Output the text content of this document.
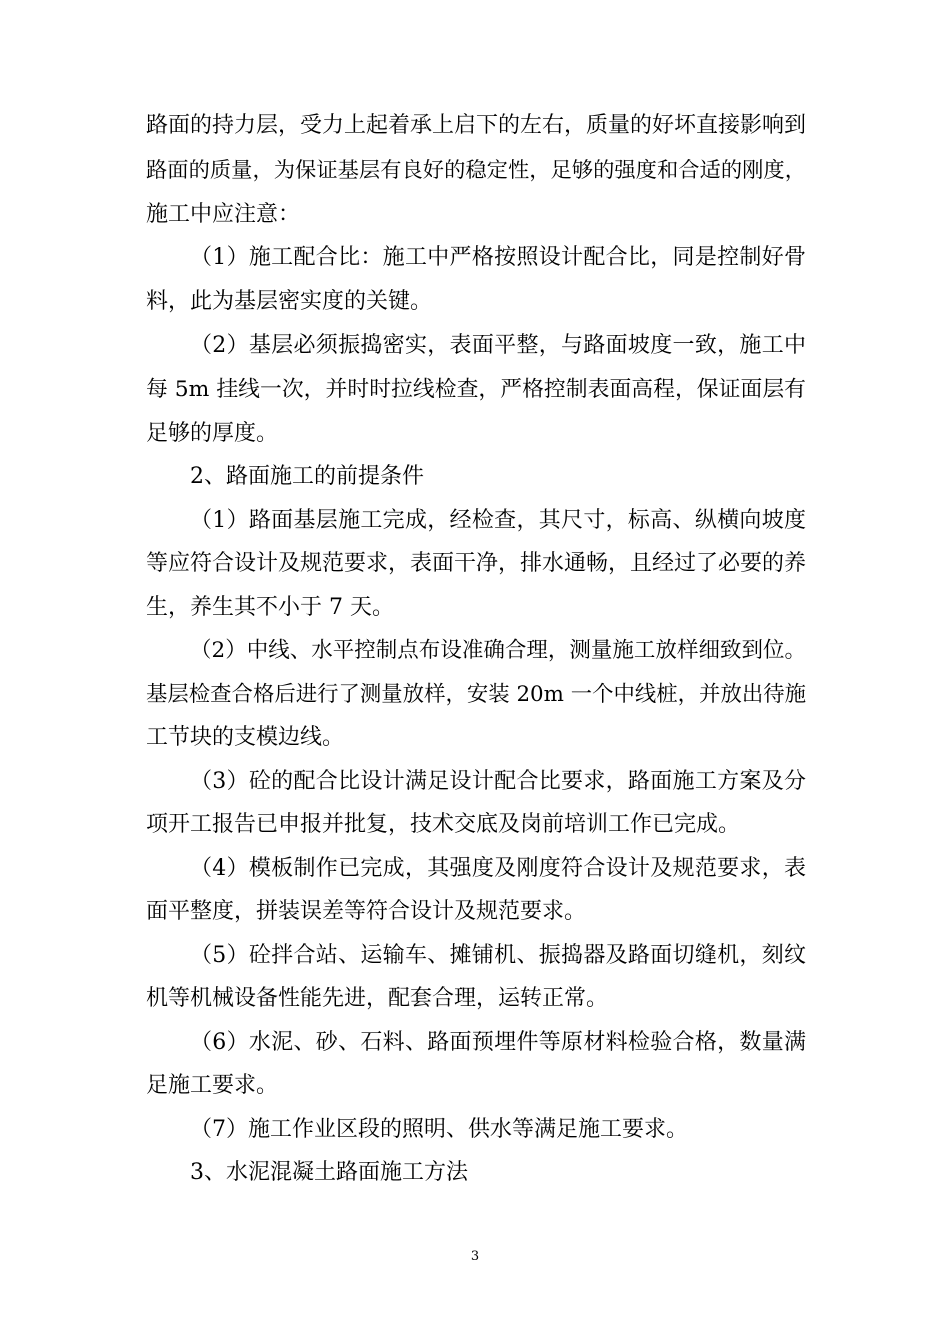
路面的持力层，受力上起着承上启下的左右，质量的好坏直接影响到
路面的质量，为保证基层有良好的稳定性，足够的强度和合适的刚度，
施工中应注意：
（1）施工配合比：施工中严格按照设计配合比，同是控制好骨
料，此为基层密实度的关键。
（2）基层必须振捣密实，表面平整，与路面坡度一致，施工中
每 5m 挂线一次，并时时拉线检查，严格控制表面高程，保证面层有
足够的厚度。
2、路面施工的前提条件
（1）路面基层施工完成，经检查，其尺寸，标高、纵横向坡度
等应符合设计及规范要求，表面干净，排水通畅，且经过了必要的养
生，养生其不小于 7 天。
（2）中线、水平控制点布设准确合理，测量施工放样细致到位。
基层检查合格后进行了测量放样，安装 20m 一个中线桩，并放出待施
工节块的支模边线。
（3）砼的配合比设计满足设计配合比要求，路面施工方案及分
项开工报告已申报并批复，技术交底及岗前培训工作已完成。
（4）模板制作已完成，其强度及刚度符合设计及规范要求，表
面平整度，拼装误差等符合设计及规范要求。
（5）砼拌合站、运输车、摊铺机、振捣器及路面切缝机，刻纹
机等机械设备性能先进，配套合理，运转正常。
（6）水泥、砂、石料、路面预埋件等原材料检验合格，数量满
足施工要求。
（7）施工作业区段的照明、供水等满足施工要求。
3、水泥混凝土路面施工方法
3
